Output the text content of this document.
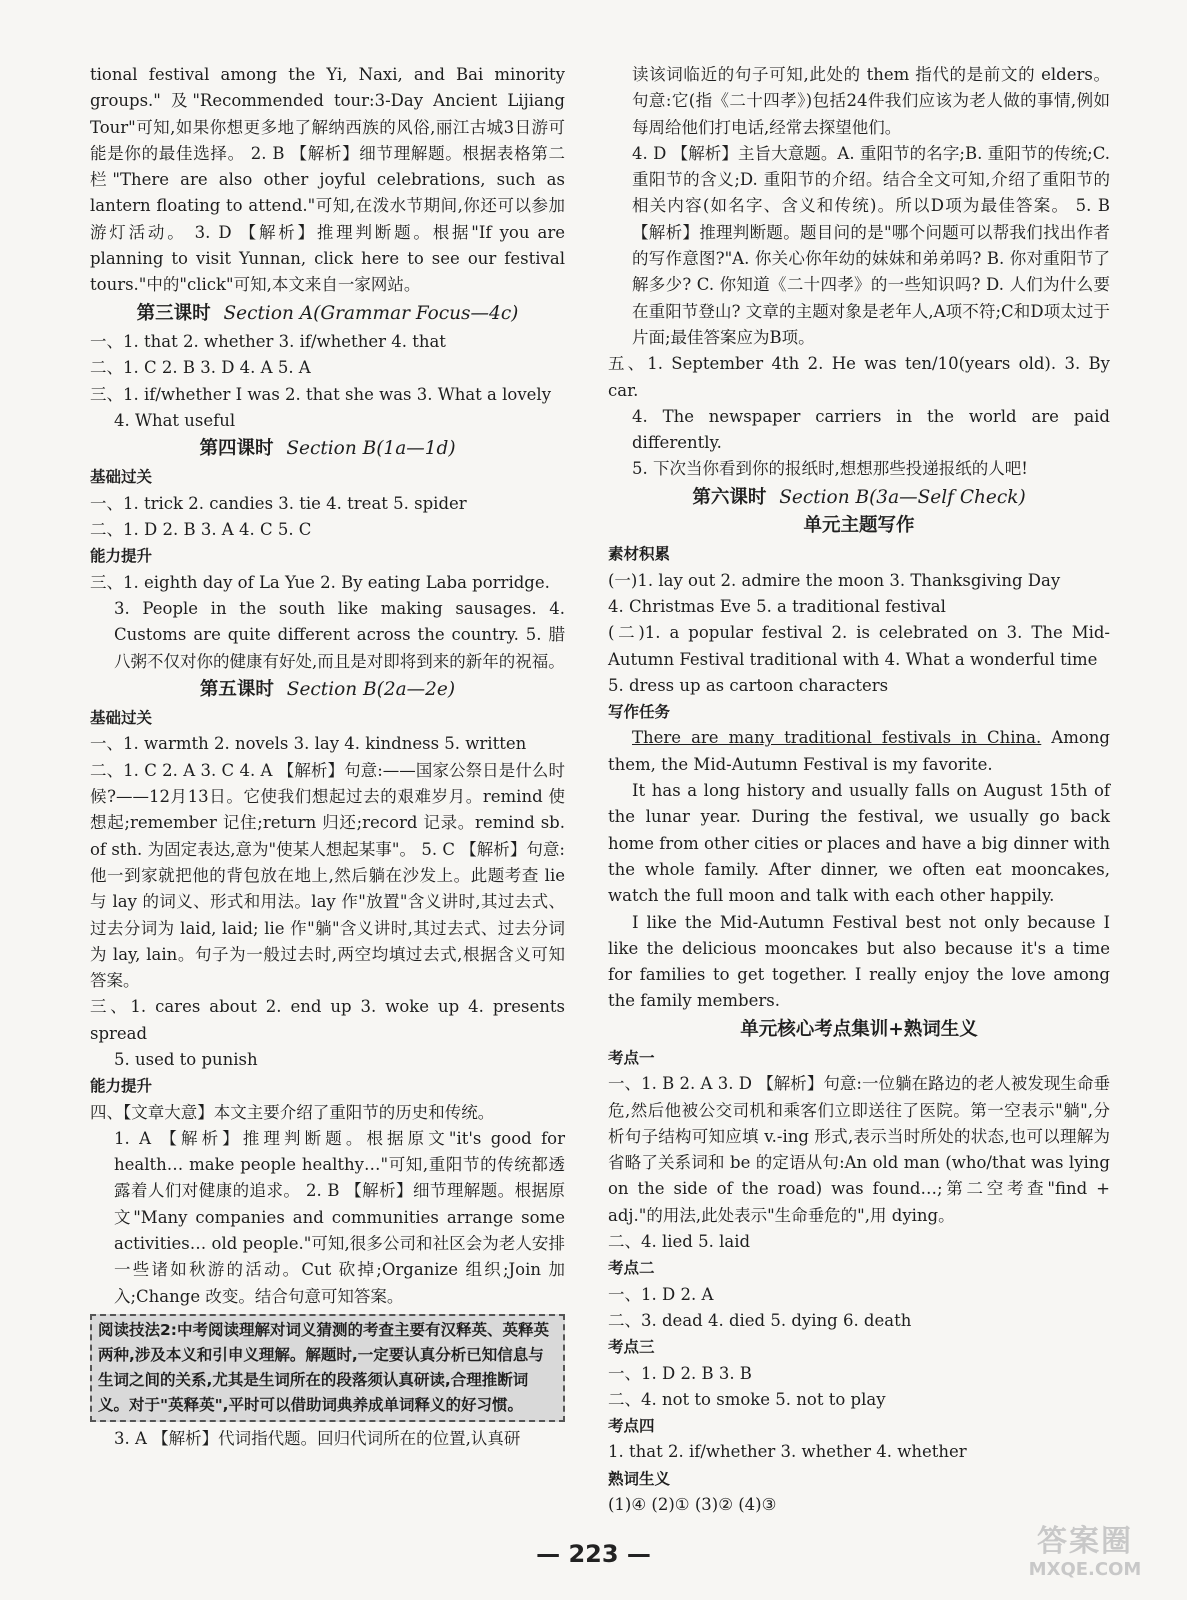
tional festival among the Yi, Naxi, and Bai minority groups." 及"Recommended tour:3-Day Ancient Lijiang Tour"可知,如果你想更多地了解纳西族的风俗,丽江古城3日游可能是你的最佳选择。 2. B 【解析】细节理解题。根据表格第二栏"There are also other joyful celebrations, such as lantern floating to attend."可知,在泼水节期间,你还可以参加游灯活动。 3. D 【解析】推理判断题。根据"If you are planning to visit Yunnan, click here to see our festival tours."中的"click"可知,本文来自一家网站。

第三课时 Section A(Grammar Focus—4c)

一、1. that 2. whether 3. if/whether 4. that

二、1. C 2. B 3. D 4. A 5. A

三、1. if/whether I was 2. that she was 3. What a lovely

4. What useful

第四课时 Section B(1a—1d)

基础过关

一、1. trick 2. candies 3. tie 4. treat 5. spider

二、1. D 2. B 3. A 4. C 5. C

能力提升

三、1. eighth day of La Yue 2. By eating Laba porridge.

3. People in the south like making sausages. 4. Customs are quite different across the country. 5. 腊八粥不仅对你的健康有好处,而且是对即将到来的新年的祝福。

第五课时 Section B(2a—2e)

基础过关

一、1. warmth 2. novels 3. lay 4. kindness 5. written

二、1. C 2. A 3. C 4. A 【解析】句意:——国家公祭日是什么时候?——12月13日。它使我们想起过去的艰难岁月。remind 使想起;remember 记住;return 归还;record 记录。remind sb. of sth. 为固定表达,意为"使某人想起某事"。 5. C 【解析】句意:他一到家就把他的背包放在地上,然后躺在沙发上。此题考查 lie 与 lay 的词义、形式和用法。lay 作"放置"含义讲时,其过去式、过去分词为 laid, laid; lie 作"躺"含义讲时,其过去式、过去分词为 lay, lain。句子为一般过去时,两空均填过去式,根据含义可知答案。

三、1. cares about 2. end up 3. woke up 4. presents spread

5. used to punish

能力提升

四、【文章大意】本文主要介绍了重阳节的历史和传统。

1. A 【解析】推理判断题。根据原文"it's good for health… make people healthy…"可知,重阳节的传统都透露着人们对健康的追求。 2. B 【解析】细节理解题。根据原文"Many companies and communities arrange some activities… old people."可知,很多公司和社区会为老人安排一些诸如秋游的活动。Cut 砍掉;Organize 组织;Join 加入;Change 改变。结合句意可知答案。

阅读技法2:中考阅读理解对词义猜测的考查主要有汉释英、英释英两种,涉及本义和引申义理解。解题时,一定要认真分析已知信息与生词之间的关系,尤其是生词所在的段落须认真研读,合理推断词义。对于"英释英",平时可以借助词典养成单词释义的好习惯。

3. A 【解析】代词指代题。回归代词所在的位置,认真研

读该词临近的句子可知,此处的 them 指代的是前文的 elders。句意:它(指《二十四孝》)包括24件我们应该为老人做的事情,例如每周给他们打电话,经常去探望他们。

4. D 【解析】主旨大意题。A. 重阳节的名字;B. 重阳节的传统;C. 重阳节的含义;D. 重阳节的介绍。结合全文可知,介绍了重阳节的相关内容(如名字、含义和传统)。所以D项为最佳答案。 5. B 【解析】推理判断题。题目问的是"哪个问题可以帮我们找出作者的写作意图?"A. 你关心你年幼的妹妹和弟弟吗? B. 你对重阳节了解多少? C. 你知道《二十四孝》的一些知识吗? D. 人们为什么要在重阳节登山? 文章的主题对象是老年人,A项不符;C和D项太过于片面;最佳答案应为B项。

五、1. September 4th 2. He was ten/10(years old). 3. By car.

4. The newspaper carriers in the world are paid differently.

5. 下次当你看到你的报纸时,想想那些投递报纸的人吧!

第六课时 Section B(3a—Self Check)

单元主题写作

素材积累

(一)1. lay out 2. admire the moon 3. Thanksgiving Day

4. Christmas Eve 5. a traditional festival

(二)1. a popular festival 2. is celebrated on 3. The Mid-Autumn Festival traditional with 4. What a wonderful time

5. dress up as cartoon characters

写作任务

There are many traditional festivals in China. Among them, the Mid-Autumn Festival is my favorite.

It has a long history and usually falls on August 15th of the lunar year. During the festival, we usually go back home from other cities or places and have a big dinner with the whole family. After dinner, we often eat mooncakes, watch the full moon and talk with each other happily.

I like the Mid-Autumn Festival best not only because I like the delicious mooncakes but also because it's a time for families to get together. I really enjoy the love among the family members.

单元核心考点集训+熟词生义

考点一

一、1. B 2. A 3. D 【解析】句意:一位躺在路边的老人被发现生命垂危,然后他被公交司机和乘客们立即送往了医院。第一空表示"躺",分析句子结构可知应填 v.-ing 形式,表示当时所处的状态,也可以理解为省略了关系词和 be 的定语从句:An old man (who/that was lying on the side of the road) was found…;第二空考查"find + adj."的用法,此处表示"生命垂危的",用 dying。

二、4. lied 5. laid

考点二

一、1. D 2. A

二、3. dead 4. died 5. dying 6. death

考点三

一、1. D 2. B 3. B

二、4. not to smoke 5. not to play

考点四

1. that 2. if/whether 3. whether 4. whether

熟词生义

(1)④ (2)① (3)② (4)③

— 223 —	答案圈
MXQE.COM
